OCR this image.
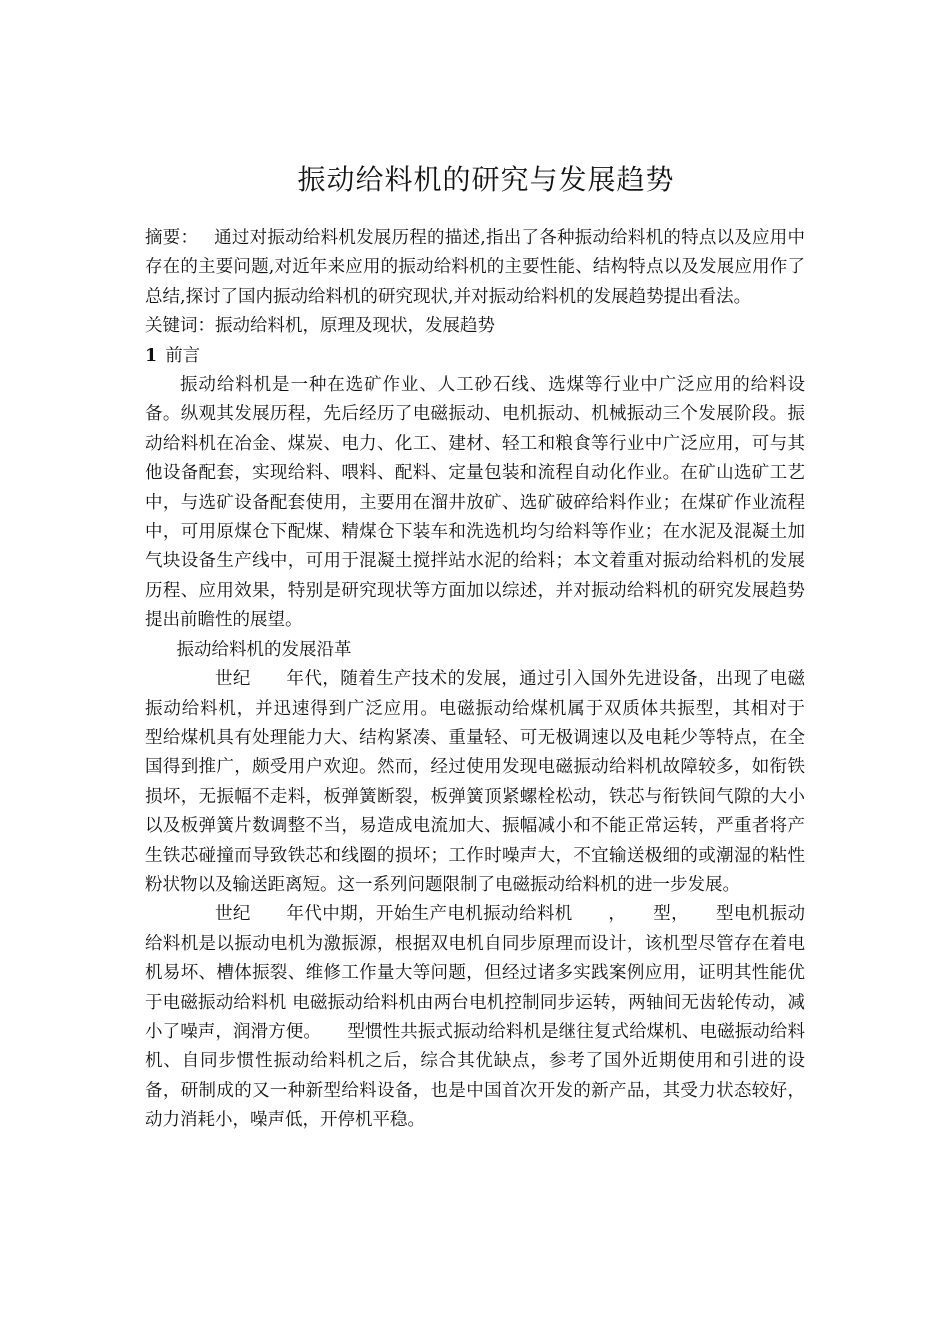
振动给料机的研究与发展趋势

摘要： 通过对振动给料机发展历程的描述,指出了各种振动给料机的特点以及应用中存在的主要问题,对近年来应用的振动给料机的主要性能、结构特点以及发展应用作了总结,探讨了国内振动给料机的研究现状,并对振动给料机的发展趋势提出看法。

关键词：振动给料机，原理及现状，发展趋势

1 前言

振动给料机是一种在选矿作业、人工砂石线、选煤等行业中广泛应用的给料设备。纵观其发展历程，先后经历了电磁振动、电机振动、机械振动三个发展阶段。振动给料机在冶金、煤炭、电力、化工、建材、轻工和粮食等行业中广泛应用，可与其他设备配套，实现给料、喂料、配料、定量包装和流程自动化作业。在矿山选矿工艺中，与选矿设备配套使用，主要用在溜井放矿、选矿破碎给料作业；在煤矿作业流程中，可用原煤仓下配煤、精煤仓下装车和洗选机均匀给料等作业；在水泥及混凝土加气块设备生产线中，可用于混凝土搅拌站水泥的给料；本文着重对振动给料机的发展历程、应用效果，特别是研究现状等方面加以综述，并对振动给料机的研究发展趋势提出前瞻性的展望。

振动给料机的发展沿革

世纪　　年代，随着生产技术的发展，通过引入国外先进设备，出现了电磁振动给料机，并迅速得到广泛应用。电磁振动给煤机属于双质体共振型，其相对于　型给煤机具有处理能力大、结构紧凑、重量轻、可无极调速以及电耗少等特点，在全国得到推广，颇受用户欢迎。然而，经过使用发现电磁振动给料机故障较多，如衔铁损坏，无振幅不走料，板弹簧断裂，板弹簧顶紧螺栓松动，铁芯与衔铁间气隙的大小以及板弹簧片数调整不当，易造成电流加大、振幅减小和不能正常运转，严重者将产生铁芯碰撞而导致铁芯和线圈的损坏；工作时噪声大，不宜输送极细的或潮湿的粘性粉状物以及输送距离短。这一系列问题限制了电磁振动给料机的进一步发展。

世纪　　年代中期，开始生产电机振动给料机　　，　　型，　　型电机振动给料机是以振动电机为激振源，根据双电机自同步原理而设计，该机型尽管存在着电机易坏、槽体振裂、维修工作量大等问题，但经过诸多实践案例应用，证明其性能优于电磁振动给料机 电磁振动给料机由两台电机控制同步运转，两轴间无齿轮传动，减小了噪声，润滑方便。　　型惯性共振式振动给料机是继往复式给煤机、电磁振动给料机、自同步惯性振动给料机之后，综合其优缺点，参考了国外近期使用和引进的设备，研制成的又一种新型给料设备，也是中国首次开发的新产品，其受力状态较好，动力消耗小，噪声低，开停机平稳。
